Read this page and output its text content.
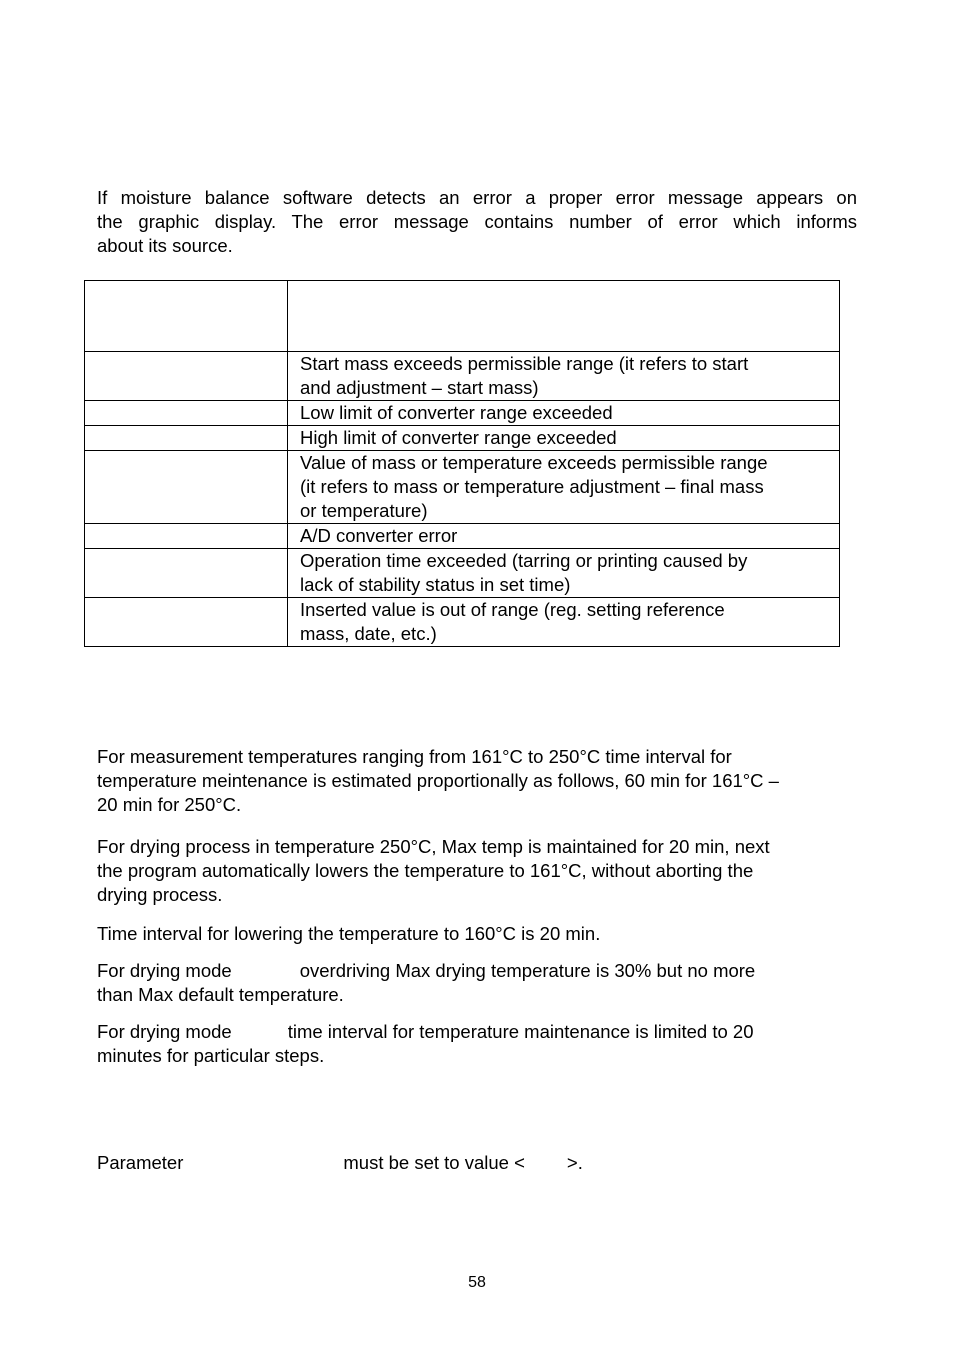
If moisture balance software detects an error a proper error message appears on
the graphic display. The error message contains number of error which informs
about its source.

	Start mass exceeds permissible range (it refers to start
and adjustment – start mass)

	Low limit of converter range exceeded

	High limit of converter range exceeded

	Value of mass or temperature exceeds permissible range
(it refers to mass or temperature adjustment – final mass
or temperature)

	A/D converter error

	Operation time exceeded (tarring or printing caused by
lack of stability status in set time)

	Inserted value is out of range (reg. setting reference
mass, date, etc.)

For measurement temperatures ranging from 161°C to 250°C time interval for
temperature meintenance is estimated proportionally as follows, 60 min for 161°C –
20 min for 250°C.

For drying process in temperature 250°C, Max temp is maintained for 20 min, next
the program automatically lowers the temperature to 161°C, without aborting the
drying process.

Time interval for lowering the temperature to 160°C is 20 min.

For drying mode	overdriving Max drying temperature is 30% but no more
than Max default temperature.

For drying mode	time interval for temperature maintenance is limited to 20
minutes for particular steps.

Parameter	must be set to value < >.

58
